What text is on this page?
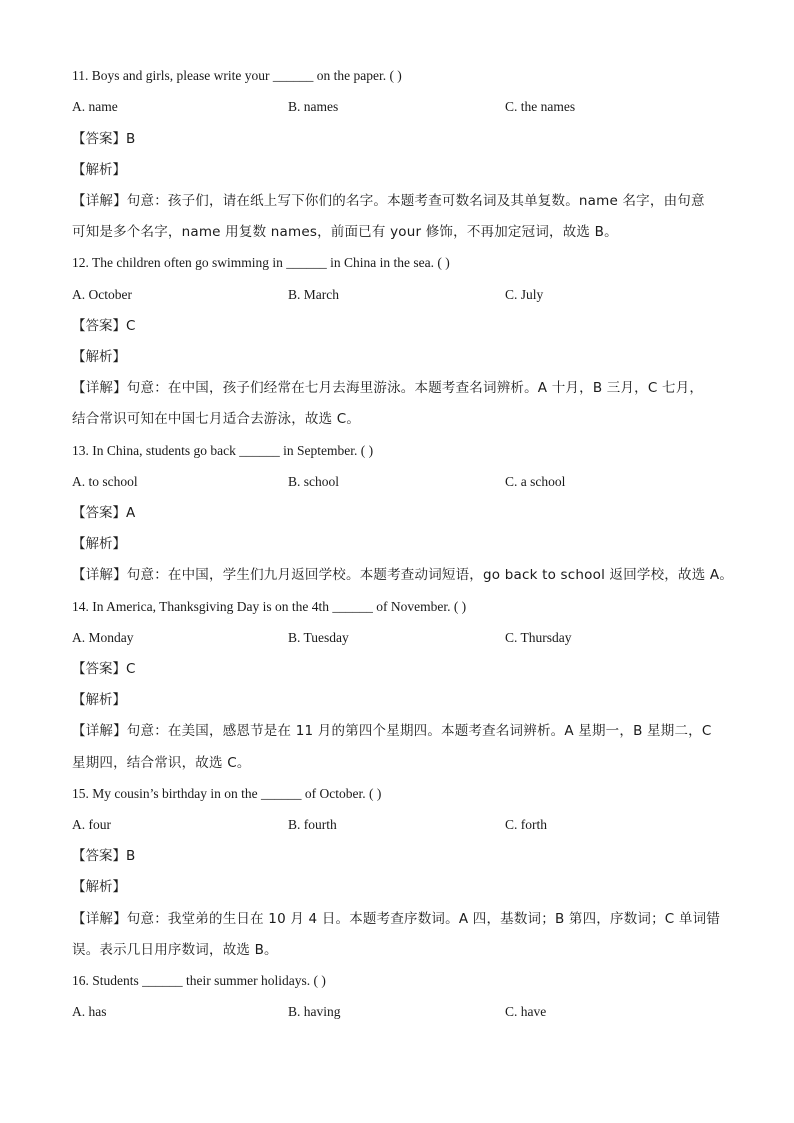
11. Boys and girls, please write your ______ on the paper. ( )
A. name	B. names	C. the names
【答案】B
【解析】
【详解】句意：孩子们，请在纸上写下你们的名字。本题考查可数名词及其单复数。name 名字，由句意
可知是多个名字，name 用复数 names，前面已有 your 修饰，不再加定冠词，故选 B。
12. The children often go swimming in ______ in China in the sea. ( )
A. October	B. March	C. July
【答案】C
【解析】
【详解】句意：在中国，孩子们经常在七月去海里游泳。本题考查名词辨析。A 十月，B 三月，C 七月，
结合常识可知在中国七月适合去游泳，故选 C。
13. In China, students go back ______ in September. ( )
A. to school	B. school	C. a school
【答案】A
【解析】
【详解】句意：在中国，学生们九月返回学校。本题考查动词短语，go back to school 返回学校，故选 A。
14. In America, Thanksgiving Day is on the 4th ______ of November. ( )
A. Monday	B. Tuesday	C. Thursday
【答案】C
【解析】
【详解】句意：在美国，感恩节是在 11 月的第四个星期四。本题考查名词辨析。A 星期一，B 星期二，C
星期四，结合常识，故选 C。
15. My cousin’s birthday in on the ______ of October. ( )
A. four	B. fourth	C. forth
【答案】B
【解析】
【详解】句意：我堂弟的生日在 10 月 4 日。本题考查序数词。A 四，基数词；B 第四，序数词；C 单词错
误。表示几日用序数词，故选 B。
16. Students ______ their summer holidays. ( )
A. has	B. having	C. have
